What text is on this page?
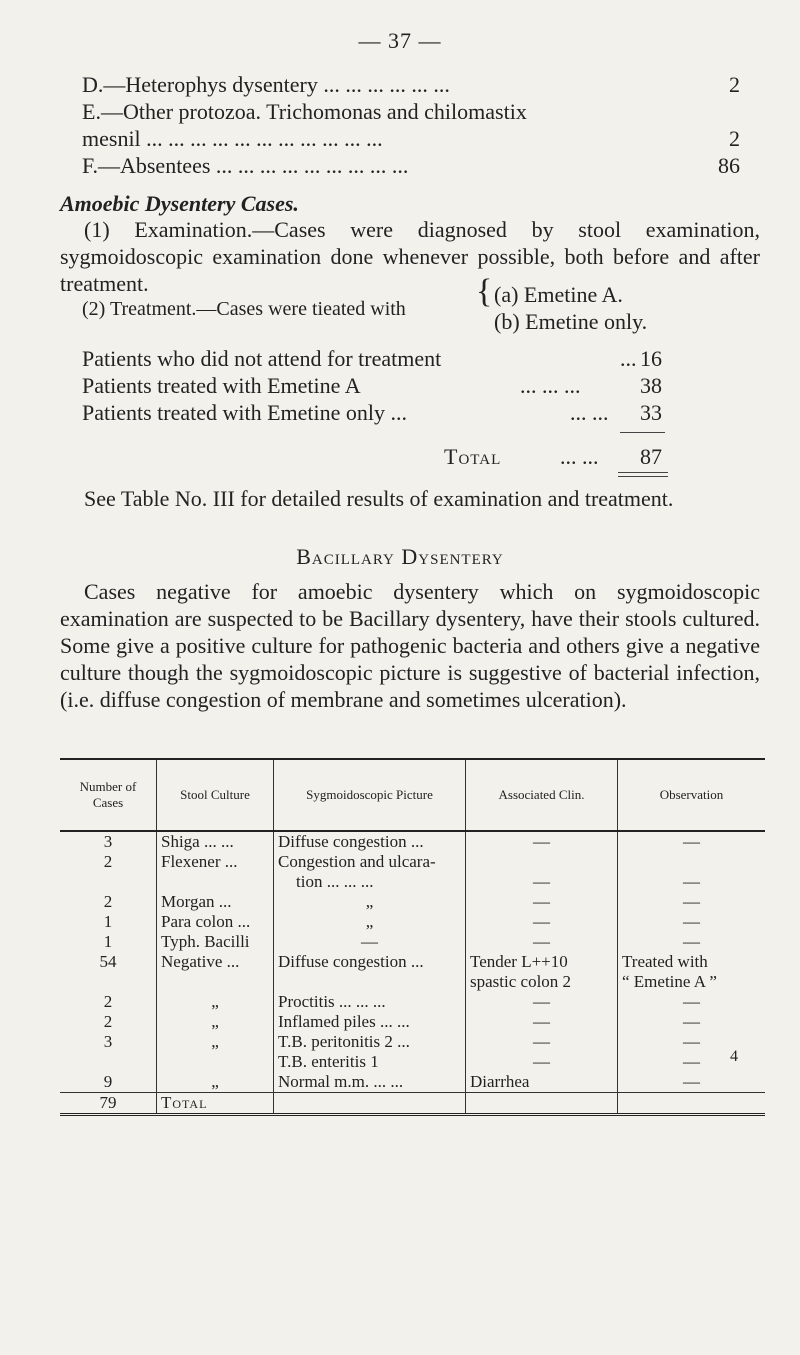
— 37 —
D.—Heterophys dysentery ... ... ... ... ... ...	2
E.—Other protozoa. Trichomonas and chilomastix
mesnil ... ... ... ... ... ... ... ... ... ... ...	2
F.—Absentees ... ... ... ... ... ... ... ... ...	86
Amoebic Dysentery Cases.
(1) Examination.—Cases were diagnosed by stool examination, sygmoidoscopic examination done whenever possible, both before and after treatment.
(2) Treatment.—Cases were tieated with { (a) Emetine A.
(b) Emetine only.
Patients who did not attend for treatment	... 16
Patients treated with Emetine A	... ... ...	38
Patients treated with Emetine only ...	... ... 33
Total	... ... 87
See Table No. III for detailed results of examination and treatment.
Bacillary Dysentery
Cases negative for amoebic dysentery which on sygmoidoscopic examination are suspected to be Bacillary dysentery, have their stools cultured. Some give a positive culture for pathogenic bacteria and others give a negative culture though the sygmoidoscopic picture is suggestive of bacterial infection, (i.e. diffuse congestion of membrane and sometimes ulceration).
Number of Cases	Stool Culture	Sygmoidoscopic Picture	Associated Clin.	Observation
3	Shiga ... ...	Diffuse congestion ...	—	—
2	Flexener ...	Congestion and ulcara-		
		tion ... ... ...	—	—
2	Morgan ...	„	—	—
1	Para colon ...	„	—	—
1	Typh. Bacilli	—	—	—
54	Negative ...	Diffuse congestion ...	Tender L++10	Treated with
			spastic colon 2	“ Emetine A ”
2	„	Proctitis ... ... ...	—	—
2	„	Inflamed piles ... ...	—	—
3	„	T.B. peritonitis 2 ...	—	—
		T.B. enteritis 1	—	—
9	„	Normal m.m. ... ...	Diarrhea	—
79	Total			
4
